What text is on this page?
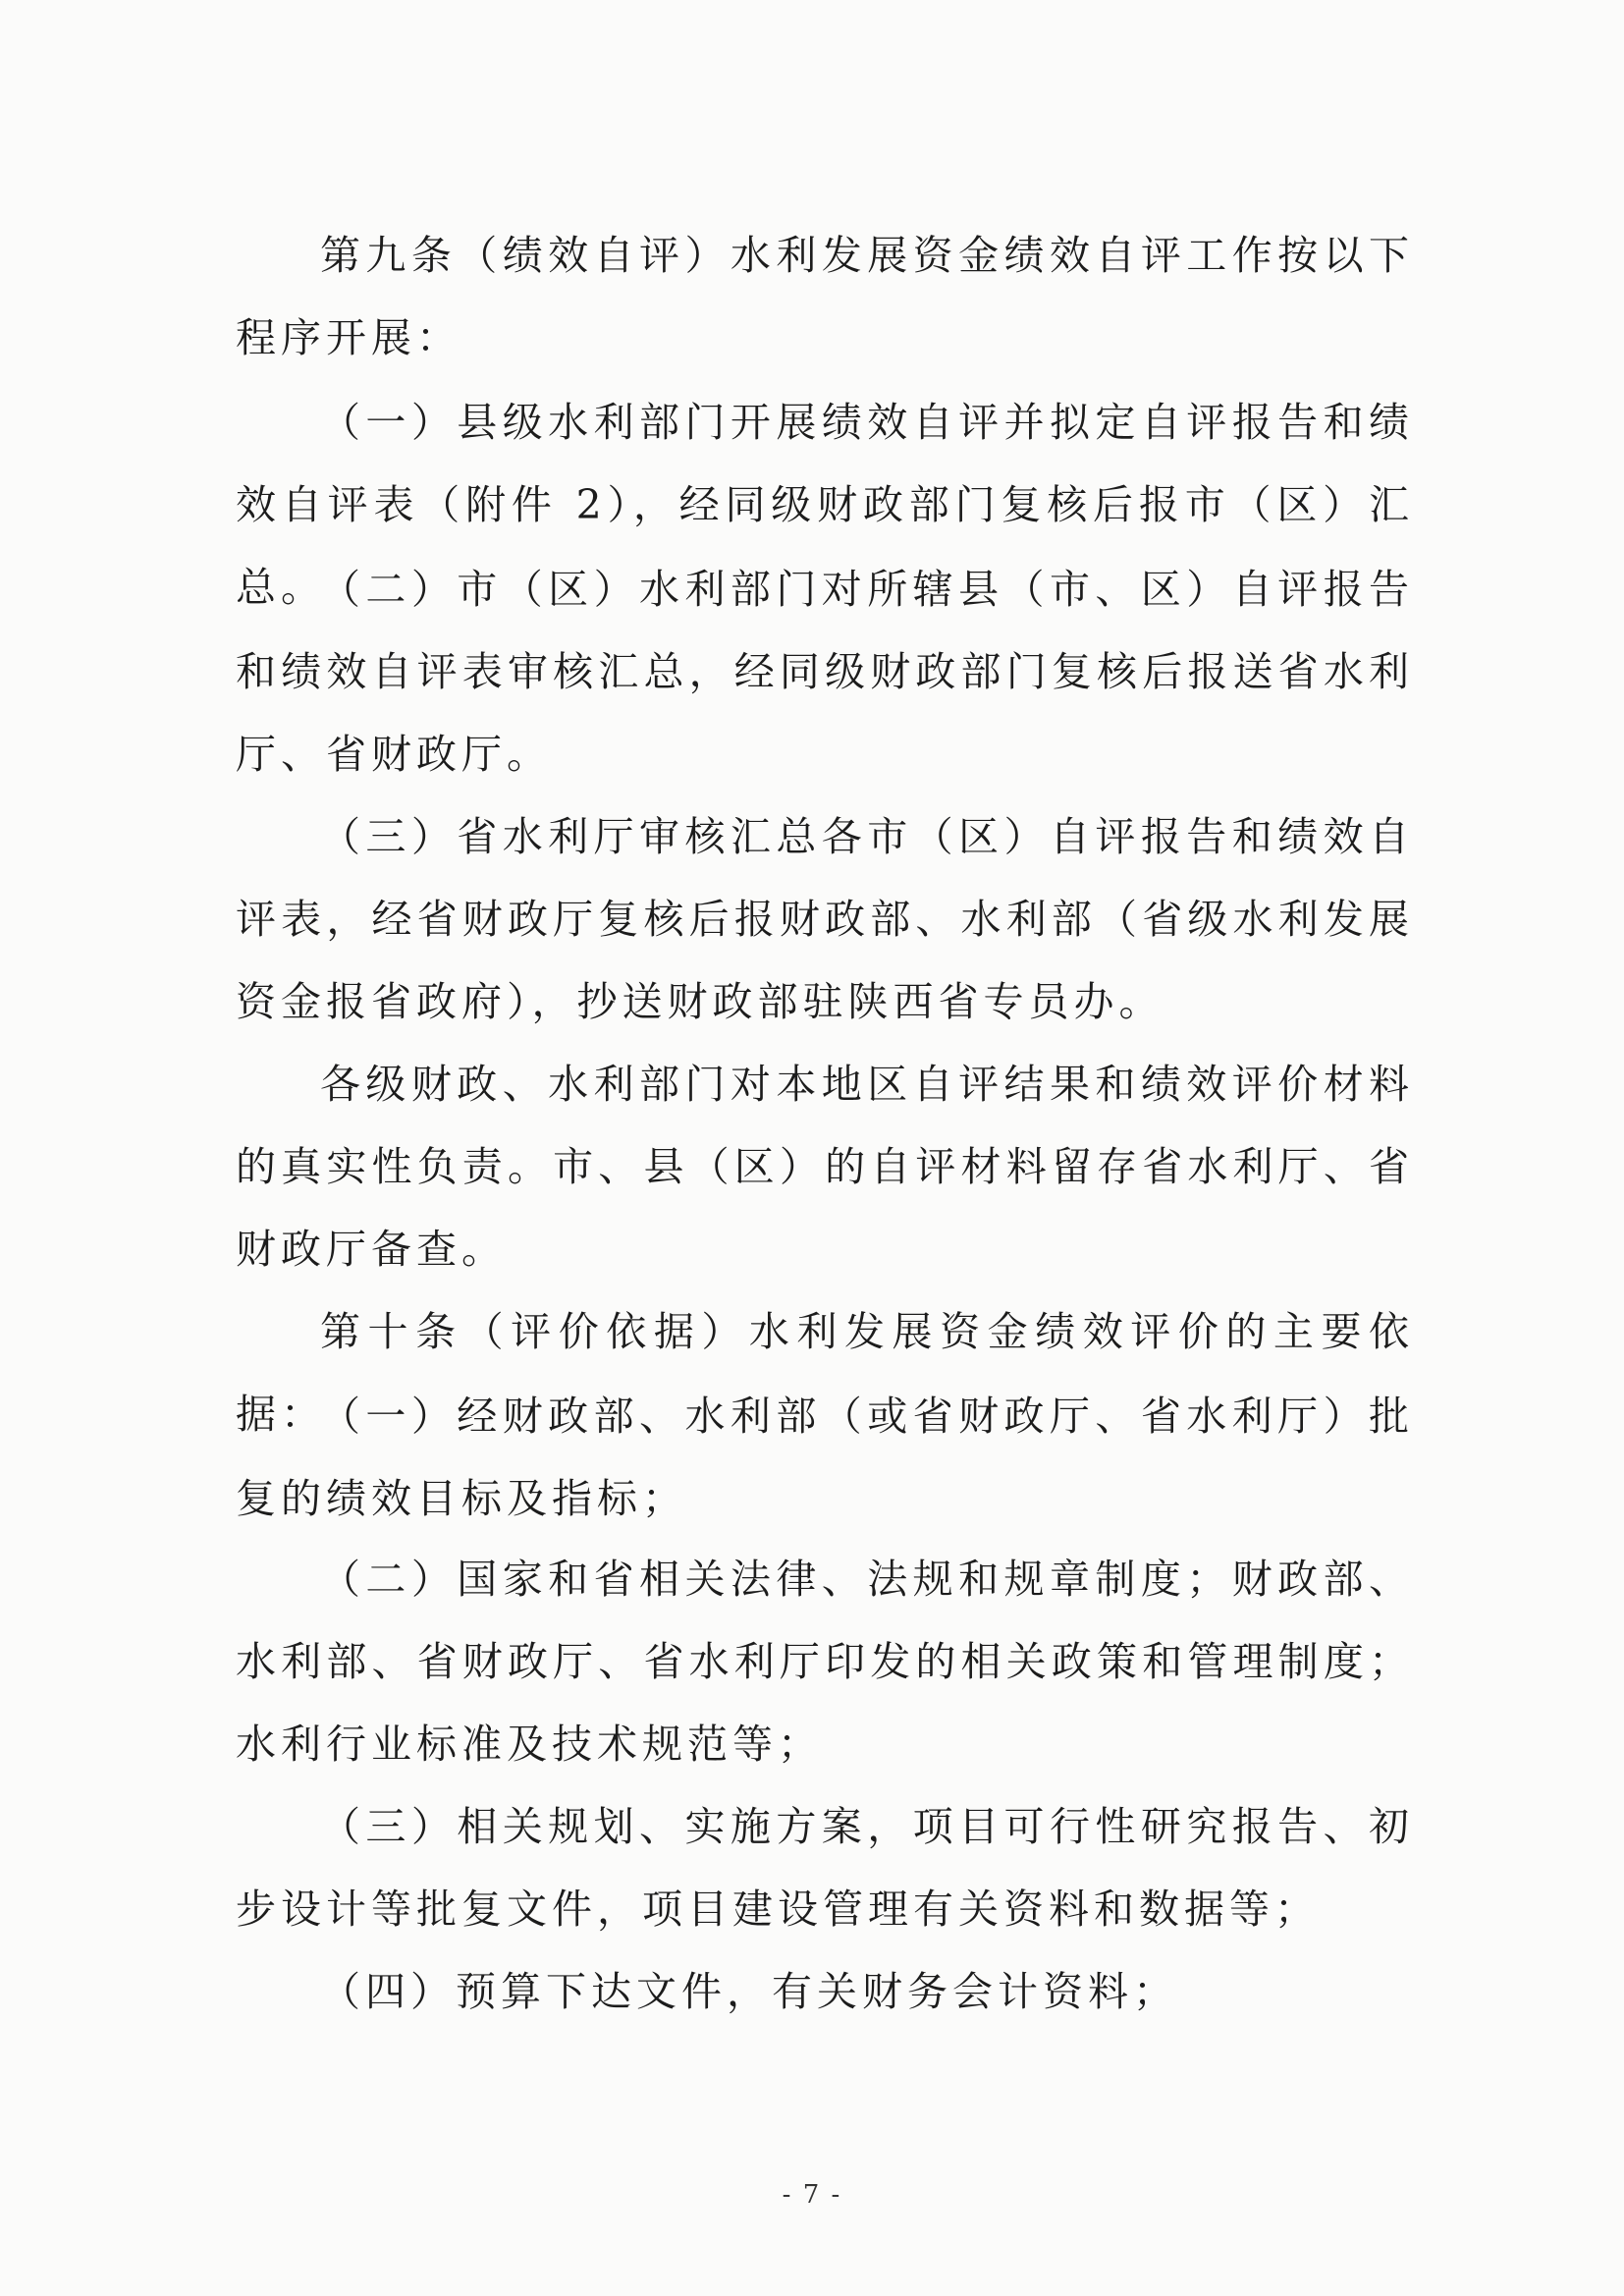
第九条（绩效自评）水利发展资金绩效自评工作按以下程序开展：

（一）县级水利部门开展绩效自评并拟定自评报告和绩效自评表（附件 2），经同级财政部门复核后报市（区）汇总。

（二）市（区）水利部门对所辖县（市、区）自评报告和绩效自评表审核汇总，经同级财政部门复核后报送省水利厅、省财政厅。

（三）省水利厅审核汇总各市（区）自评报告和绩效自评表，经省财政厅复核后报财政部、水利部（省级水利发展资金报省政府），抄送财政部驻陕西省专员办。

各级财政、水利部门对本地区自评结果和绩效评价材料的真实性负责。市、县（区）的自评材料留存省水利厅、省财政厅备查。

第十条（评价依据）水利发展资金绩效评价的主要依据：

（一）经财政部、水利部（或省财政厅、省水利厅）批复的绩效目标及指标；

（二）国家和省相关法律、法规和规章制度；财政部、水利部、省财政厅、省水利厅印发的相关政策和管理制度；水利行业标准及技术规范等；

（三）相关规划、实施方案，项目可行性研究报告、初步设计等批复文件，项目建设管理有关资料和数据等；

（四）预算下达文件，有关财务会计资料；

- 7 -
